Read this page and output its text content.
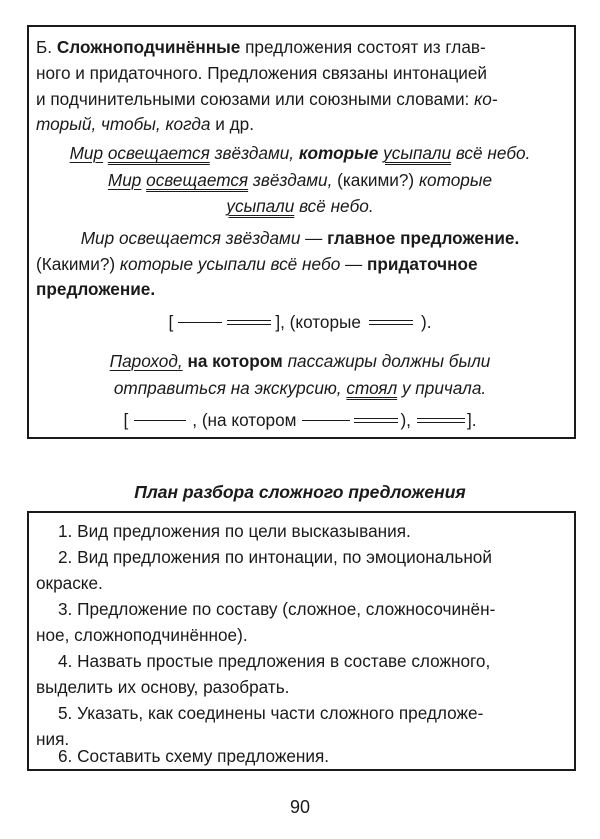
Б. Сложноподчинённые предложения состоят из глав-
ного и придаточного. Предложения связаны интонацией
и подчинительными союзами или союзными словами: ко-
торый, чтобы, когда и др.
Мир освещается звёздами, которые усыпали всё небо.
Мир освещается звёздами, (какими?) которые
усыпали всё небо.
Мир освещается звёздами — главное предложение.
(Какими?) которые усыпали всё небо — придаточное
предложение.
[	], (которые	).
Пароход, на котором пассажиры должны были
отправиться на экскурсию, стоял у причала.
[	, (на котором	),	].
План разбора сложного предложения
1. Вид предложения по цели высказывания.
2. Вид предложения по интонации, по эмоциональной
окраске.
3. Предложение по составу (сложное, сложносочинён-
ное, сложноподчинённое).
4. Назвать простые предложения в составе сложного,
выделить их основу, разобрать.
5. Указать, как соединены части сложного предложе-
ния.
6. Составить схему предложения.
90
